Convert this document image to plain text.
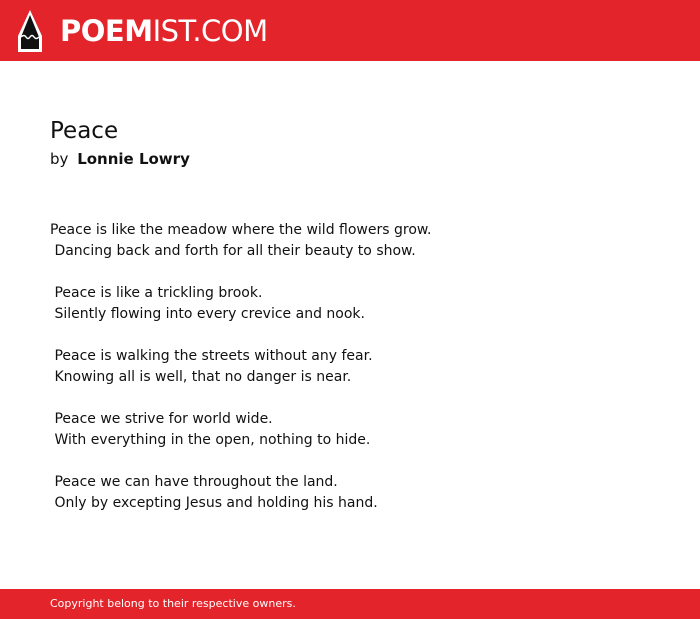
POEMIST.COM
Peace
by Lonnie Lowry
Peace is like the meadow where the wild flowers grow.
Dancing back and forth for all their beauty to show.
Peace is like a trickling brook.
Silently flowing into every crevice and nook.
Peace is walking the streets without any fear.
Knowing all is well, that no danger is near.
Peace we strive for world wide.
With everything in the open, nothing to hide.
Peace we can have throughout the land.
Only by excepting Jesus and holding his hand.
Copyright belong to their respective owners.
